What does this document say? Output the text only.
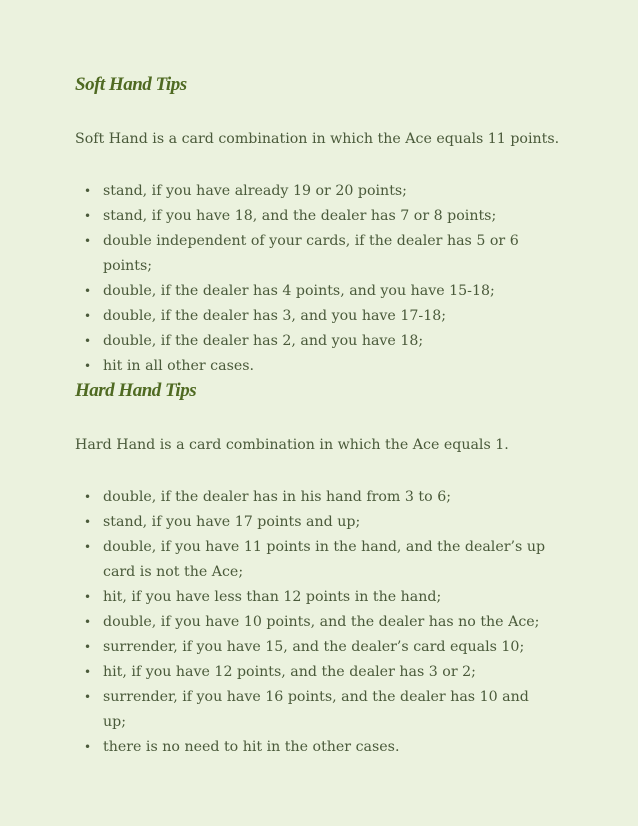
Soft Hand Tips

Soft Hand is a card combination in which the Ace equals 11 points.

• stand, if you have already 19 or 20 points;
• stand, if you have 18, and the dealer has 7 or 8 points;
• double independent of your cards, if the dealer has 5 or 6 points;
• double, if the dealer has 4 points, and you have 15-18;
• double, if the dealer has 3, and you have 17-18;
• double, if the dealer has 2, and you have 18;
• hit in all other cases.
Hard Hand Tips

Hard Hand is a card combination in which the Ace equals 1.

• double, if the dealer has in his hand from 3 to 6;
• stand, if you have 17 points and up;
• double, if you have 11 points in the hand, and the dealer’s up card is not the Ace;
• hit, if you have less than 12 points in the hand;
• double, if you have 10 points, and the dealer has no the Ace;
• surrender, if you have 15, and the dealer’s card equals 10;
• hit, if you have 12 points, and the dealer has 3 or 2;
• surrender, if you have 16 points, and the dealer has 10 and up;
• there is no need to hit in the other cases.
